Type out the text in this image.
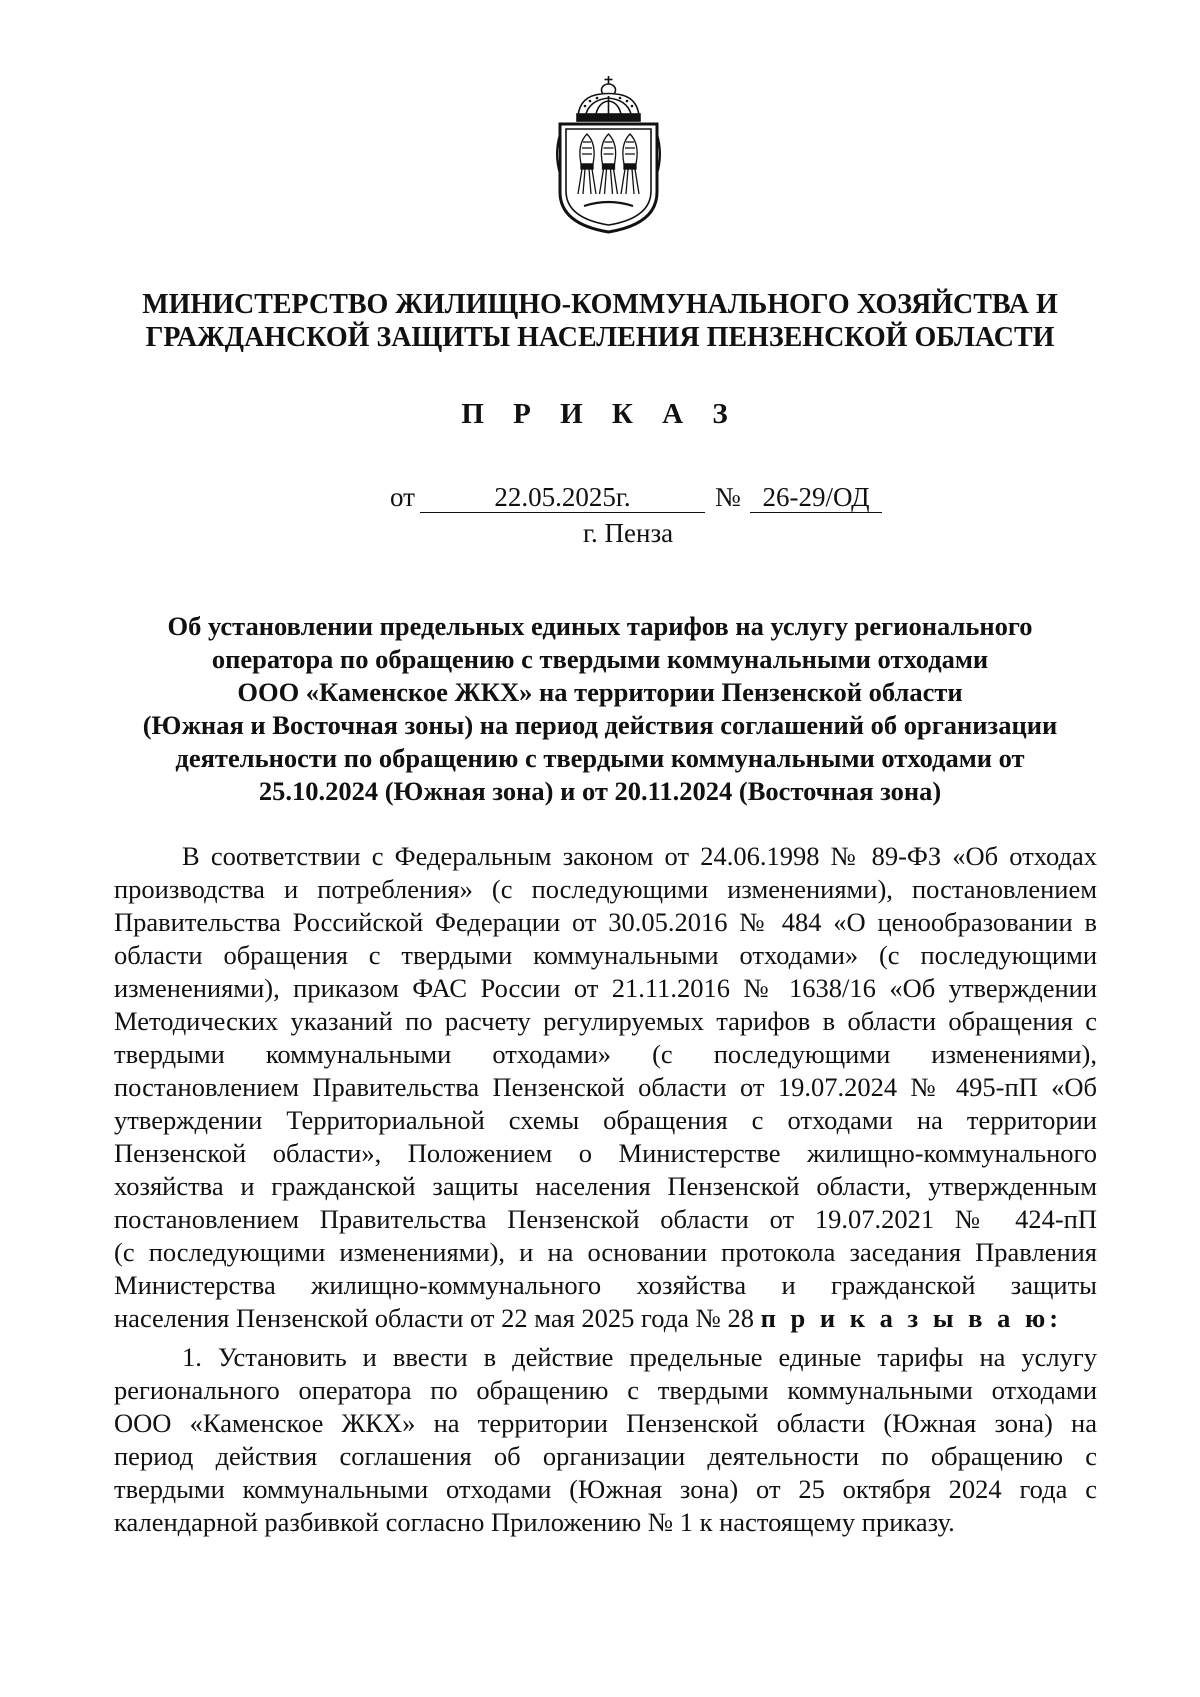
МИНИСТЕРСТВО ЖИЛИЩНО-КОММУНАЛЬНОГО ХОЗЯЙСТВА И
ГРАЖДАНСКОЙ ЗАЩИТЫ НАСЕЛЕНИЯ ПЕНЗЕНСКОЙ ОБЛАСТИ
П Р И К А З
от	22.05.2025г.	№ 26-29/ОД
г. Пенза
Об установлении предельных единых тарифов на услугу регионального
оператора по обращению с твердыми коммунальными отходами
ООО «Каменское ЖКХ» на территории Пензенской области
(Южная и Восточная зоны) на период действия соглашений об организации
деятельности по обращению с твердыми коммунальными отходами от
25.10.2024 (Южная зона) и от 20.11.2024 (Восточная зона)

В соответствии с Федеральным законом от 24.06.1998 № 89-ФЗ «Об отходах
производства и потребления» (с последующими изменениями), постановлением
Правительства Российской Федерации от 30.05.2016 № 484 «О ценообразовании в
области обращения с твердыми коммунальными отходами» (с последующими
изменениями), приказом ФАС России от 21.11.2016 № 1638/16 «Об утверждении
Методических указаний по расчету регулируемых тарифов в области обращения с
твердыми коммунальными отходами» (с последующими изменениями),
постановлением Правительства Пензенской области от 19.07.2024 № 495-пП «Об
утверждении Территориальной схемы обращения с отходами на территории
Пензенской области», Положением о Министерстве жилищно-коммунального
хозяйства и гражданской защиты населения Пензенской области, утвержденным
постановлением Правительства Пензенской области от 19.07.2021 № 424-пП
(с последующими изменениями), и на основании протокола заседания Правления
Министерства жилищно-коммунального хозяйства и гражданской защиты
населения Пензенской области от 22 мая 2025 года № 28 п р и к а з ы в а ю:

1. Установить и ввести в действие предельные единые тарифы на услугу
регионального оператора по обращению с твердыми коммунальными отходами
ООО «Каменское ЖКХ» на территории Пензенской области (Южная зона) на
период действия соглашения об организации деятельности по обращению с
твердыми коммунальными отходами (Южная зона) от 25 октября 2024 года с
календарной разбивкой согласно Приложению № 1 к настоящему приказу.
